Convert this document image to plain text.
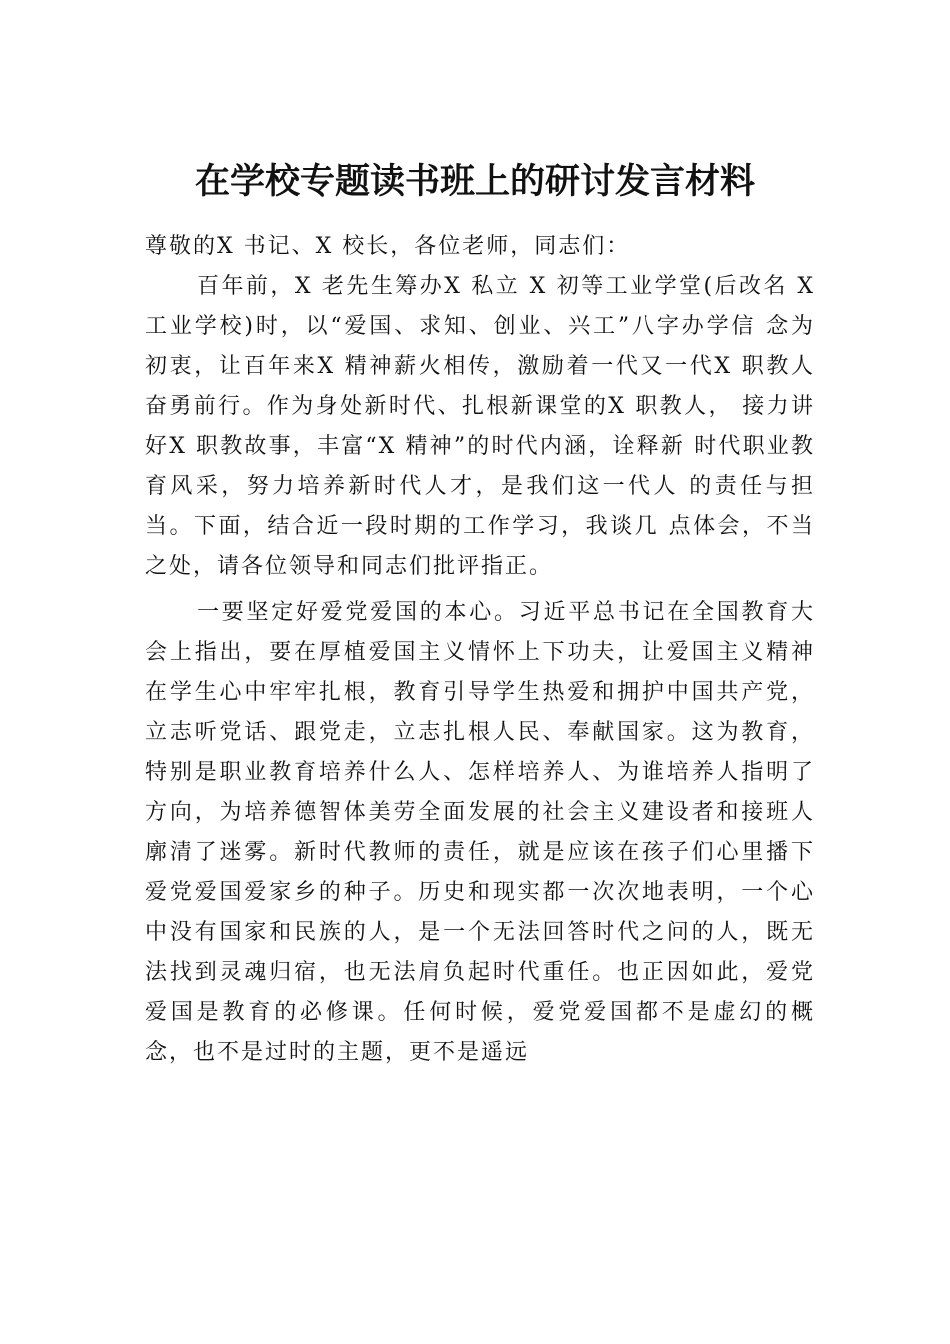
在学校专题读书班上的研讨发言材料

尊敬的X 书记、X 校长，各位老师，同志们：

百年前，X 老先生筹办X 私立 X 初等工业学堂(后改名 X 工业学校)时，以“爱国、求知、创业、兴工”八字办学信 念为初衷，让百年来X 精神薪火相传，激励着一代又一代X 职教人奋勇前行。作为身处新时代、扎根新课堂的X 职教人， 接力讲好X 职教故事，丰富“X 精神”的时代内涵，诠释新 时代职业教育风采，努力培养新时代人才，是我们这一代人 的责任与担当。下面，结合近一段时期的工作学习，我谈几 点体会，不当之处，请各位领导和同志们批评指正。

一要坚定好爱党爱国的本心。习近平总书记在全国教育大会上指出，要在厚植爱国主义情怀上下功夫，让爱国主义精神在学生心中牢牢扎根，教育引导学生热爱和拥护中国共产党，立志听党话、跟党走，立志扎根人民、奉献国家。这为教育，特别是职业教育培养什么人、怎样培养人、为谁培养人指明了方向，为培养德智体美劳全面发展的社会主义建设者和接班人廓清了迷雾。新时代教师的责任，就是应该在孩子们心里播下爱党爱国爱家乡的种子。历史和现实都一次次地表明，一个心中没有国家和民族的人，是一个无法回答时代之问的人，既无法找到灵魂归宿，也无法肩负起时代重任。也正因如此，爱党爱国是教育的必修课。任何时候，爱党爱国都不是虚幻的概念，也不是过时的主题，更不是遥远
